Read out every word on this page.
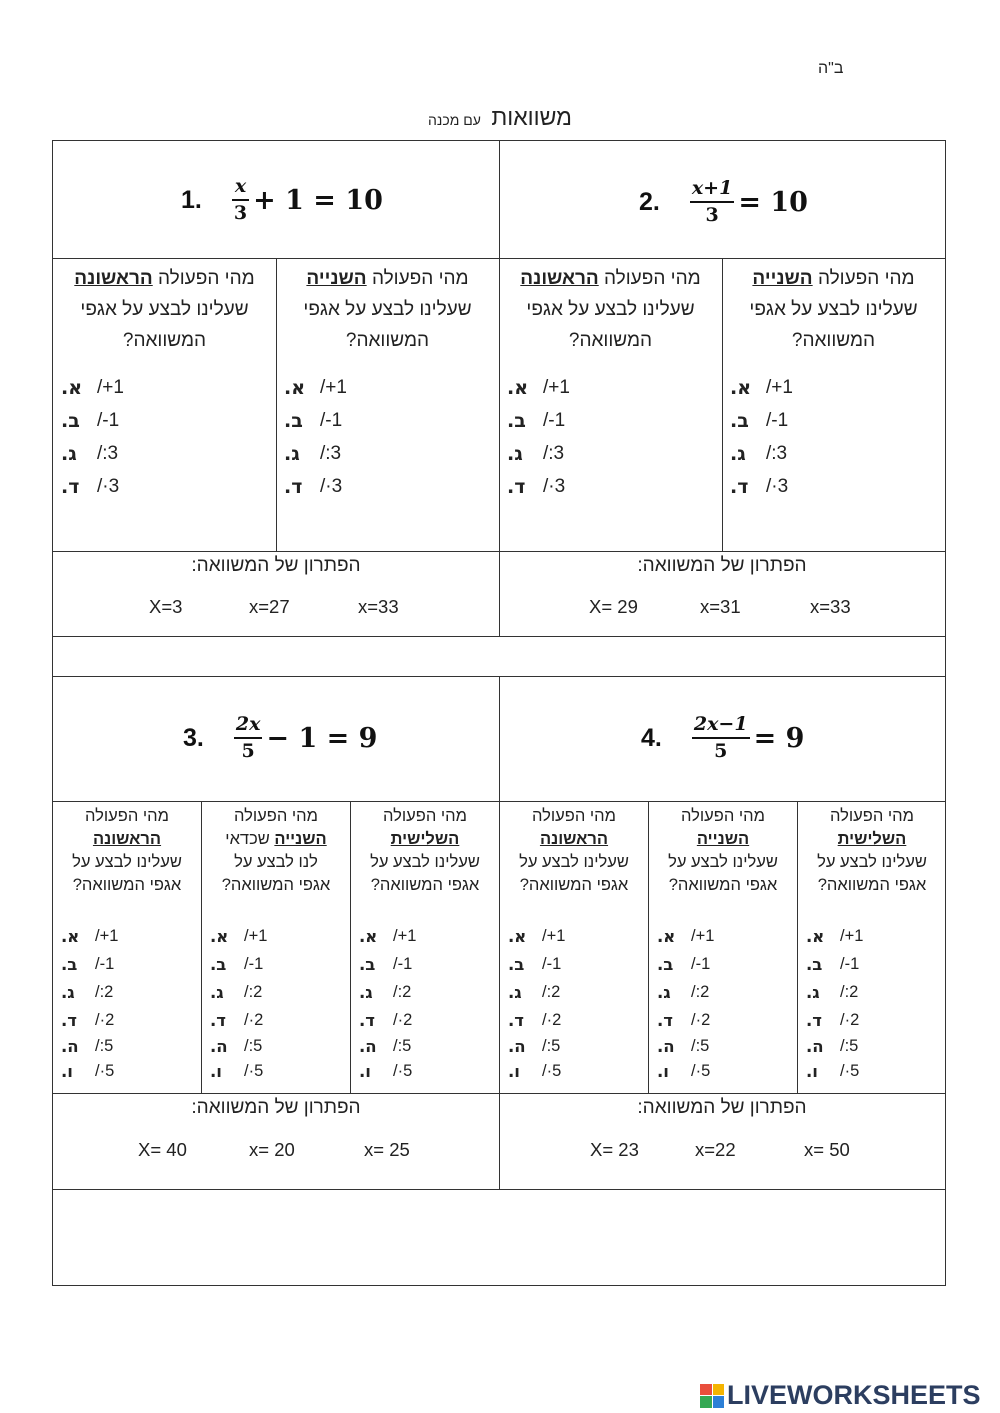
ב"ה
משוואות עם מכנה
1. $\frac{x}{3} + 1 = 10$	2. $\frac{x+1}{3} = 10$
מהי הפעולה הראשונה
שעלינו לבצע על אגפי
המשוואה?
מהי הפעולה השנייה
שעלינו לבצע על אגפי
המשוואה?
מהי הפעולה הראשונה
שעלינו לבצע על אגפי
המשוואה?
מהי הפעולה השנייה
שעלינו לבצע על אגפי
המשוואה?
א. /+1
ב. /-1
ג.	/:3
ד. /·3
א. /+1
ב. /-1
ג.	/:3
ד. /·3
א. /+1
ב. /-1
ג.	/:3
ד. /·3
א. /+1
ב. /-1
ג.	/:3
ד. /·3
הפתרון של המשוואה:	הפתרון של המשוואה:
X=3	x=27	x=33	X= 29	x=31	x=33
3. $\frac{2x}{5} - 1 = 9$	4. $\frac{2x-1}{5} = 9$
מהי הפעולה
הראשונה
שעלינו לבצע על
אגפי המשוואה?
מהי הפעולה
השנייה שכדאי
לנו לבצע על
אגפי המשוואה?
מהי הפעולה
השלישית
שעלינו לבצע על
אגפי המשוואה?
מהי הפעולה
הראשונה
שעלינו לבצע על
אגפי המשוואה?
מהי הפעולה
השנייה
שעלינו לבצע על
אגפי המשוואה?
מהי הפעולה
השלישית
שעלינו לבצע על
אגפי המשוואה?
א. /+1
ב.	/-1
ג.	/:2
ד.	/·2
ה. /:5
ו.	/·5
א. /+1
ב.	/-1
ג.	/:2
ד.	/·2
ה. /:5
ו.	/·5
א. /+1
ב.	/-1
ג.	/:2
ד.	/·2
ה. /:5
ו.	/·5
א. /+1
ב.	/-1
ג.	/:2
ד.	/·2
ה. /:5
ו.	/·5
א. /+1
ב.	/-1
ג.	/:2
ד.	/·2
ה. /:5
ו.	/·5
א. /+1
ב.	/-1
ג.	/:2
ד.	/·2
ה. /:5
ו.	/·5
הפתרון של המשוואה:	הפתרון של המשוואה:
X= 40	x= 20	x= 25	X= 23	x=22	x= 50
LIVEWORKSHEETS
